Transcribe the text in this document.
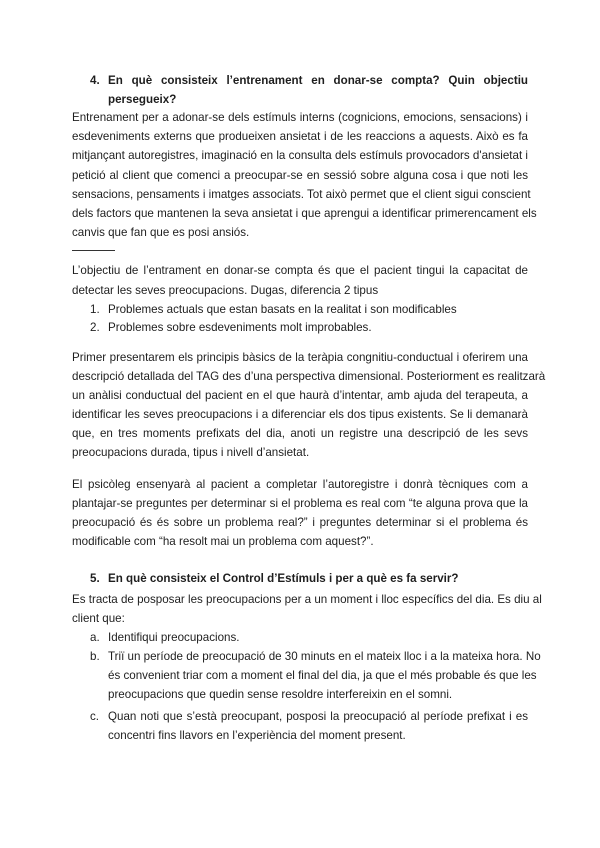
4. En què consisteix l’entrenament en donar-se compta? Quin objectiu
persegueix?
Entrenament per a adonar-se dels estímuls interns (cognicions, emocions, sensacions) i
esdeveniments externs que produeixen ansietat i de les reaccions a aquests. Això es fa
mitjançant autoregistres, imaginació en la consulta dels estímuls provocadors d'ansietat i
petició al client que comenci a preocupar-se en sessió sobre alguna cosa i que noti les
sensacions, pensaments i imatges associats. Tot això permet que el client sigui conscient
dels factors que mantenen la seva ansietat i que aprengui a identificar primerencament els
canvis que fan que es posi ansiós.
L’objectiu de l’entrament en donar-se compta és que el pacient tingui la capacitat de
detectar les seves preocupacions. Dugas, diferencia 2 tipus
1. Problemes actuals que estan basats en la realitat i son modificables
2. Problemes sobre esdeveniments molt improbables.
Primer presentarem els principis bàsics de la teràpia congnitiu-conductual i oferirem una
descripció detallada del TAG des d’una perspectiva dimensional. Posteriorment es realitzarà
un anàlisi conductual del pacient en el que haurà d’intentar, amb ajuda del terapeuta, a
identificar les seves preocupacions i a diferenciar els dos tipus existents. Se li demanarà
que, en tres moments prefixats del dia, anoti un registre una descripció de les sevs
preocupacions durada, tipus i nivell d’ansietat.
El psicòleg ensenyarà al pacient a completar l’autoregistre i donrà tècniques com a
plantajar-se preguntes per determinar si el problema es real com “te alguna prova que la
preocupació és és sobre un problema real?” i preguntes determinar si el problema és
modificable com “ha resolt mai un problema com aquest?”.
5. En què consisteix el Control d’Estímuls i per a què es fa servir?
Es tracta de posposar les preocupacions per a un moment i lloc específics del dia. Es diu al
client que:
a. Identifiqui preocupacions.
b. Triï un període de preocupació de 30 minuts en el mateix lloc i a la mateixa hora. No
és convenient triar com a moment el final del dia, ja que el més probable és que les
preocupacions que quedin sense resoldre interfereixin en el somni.
c. Quan noti que s’està preocupant, posposi la preocupació al període prefixat i es
concentri fins llavors en l’experiència del moment present.
